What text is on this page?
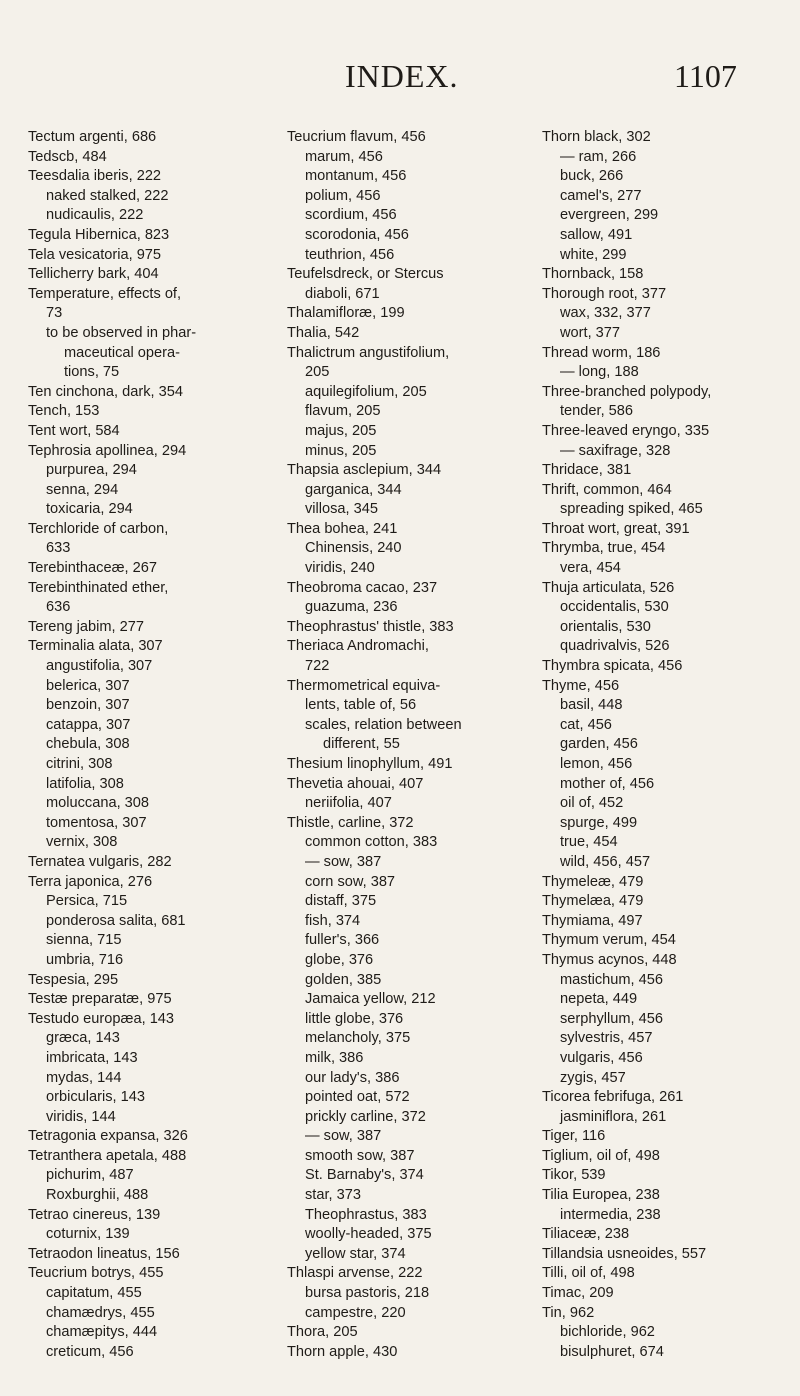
INDEX.	1107
Tectum argenti, 686
Tedscb, 484
Teesdalia iberis, 222
naked stalked, 222
nudicaulis, 222
Tegula Hibernica, 823
Tela vesicatoria, 975
Tellicherry bark, 404
Temperature, effects of,
73
to be observed in phar-
maceutical opera-
tions, 75
Ten cinchona, dark, 354
Tench, 153
Tent wort, 584
Tephrosia apollinea, 294
purpurea, 294
senna, 294
toxicaria, 294
Terchloride of carbon,
633
Terebinthaceæ, 267
Terebinthinated ether,
636
Tereng jabim, 277
Terminalia alata, 307
angustifolia, 307
belerica, 307
benzoin, 307
catappa, 307
chebula, 308
citrini, 308
latifolia, 308
moluccana, 308
tomentosa, 307
vernix, 308
Ternatea vulgaris, 282
Terra japonica, 276
Persica, 715
ponderosa salita, 681
sienna, 715
umbria, 716
Tespesia, 295
Testæ preparatæ, 975
Testudo europæa, 143
græca, 143
imbricata, 143
mydas, 144
orbicularis, 143
viridis, 144
Tetragonia expansa, 326
Tetranthera apetala, 488
pichurim, 487
Roxburghii, 488
Tetrao cinereus, 139
coturnix, 139
Tetraodon lineatus, 156
Teucrium botrys, 455
capitatum, 455
chamædrys, 455
chamæpitys, 444
creticum, 456
Teucrium flavum, 456
marum, 456
montanum, 456
polium, 456
scordium, 456
scorodonia, 456
teuthrion, 456
Teufelsdreck, or Stercus
diaboli, 671
Thalamifloræ, 199
Thalia, 542
Thalictrum angustifolium,
205
aquilegifolium, 205
flavum, 205
majus, 205
minus, 205
Thapsia asclepium, 344
garganica, 344
villosa, 345
Thea bohea, 241
Chinensis, 240
viridis, 240
Theobroma cacao, 237
guazuma, 236
Theophrastus' thistle, 383
Theriaca Andromachi,
722
Thermometrical equiva-
lents, table of, 56
scales, relation between
different, 55
Thesium linophyllum, 491
Thevetia ahouai, 407
neriifolia, 407
Thistle, carline, 372
common cotton, 383
— sow, 387
corn sow, 387
distaff, 375
fish, 374
fuller's, 366
globe, 376
golden, 385
Jamaica yellow, 212
little globe, 376
melancholy, 375
milk, 386
our lady's, 386
pointed oat, 572
prickly carline, 372
— sow, 387
smooth sow, 387
St. Barnaby's, 374
star, 373
Theophrastus, 383
woolly-headed, 375
yellow star, 374
Thlaspi arvense, 222
bursa pastoris, 218
campestre, 220
Thora, 205
Thorn apple, 430
Thorn black, 302
— ram, 266
buck, 266
camel's, 277
evergreen, 299
sallow, 491
white, 299
Thornback, 158
Thorough root, 377
wax, 332, 377
wort, 377
Thread worm, 186
— long, 188
Three-branched polypody,
tender, 586
Three-leaved eryngo, 335
— saxifrage, 328
Thridace, 381
Thrift, common, 464
spreading spiked, 465
Throat wort, great, 391
Thrymba, true, 454
vera, 454
Thuja articulata, 526
occidentalis, 530
orientalis, 530
quadrivalvis, 526
Thymbra spicata, 456
Thyme, 456
basil, 448
cat, 456
garden, 456
lemon, 456
mother of, 456
oil of, 452
spurge, 499
true, 454
wild, 456, 457
Thymeleæ, 479
Thymelæa, 479
Thymiama, 497
Thymum verum, 454
Thymus acynos, 448
mastichum, 456
nepeta, 449
serphyllum, 456
sylvestris, 457
vulgaris, 456
zygis, 457
Ticorea febrifuga, 261
jasminiflora, 261
Tiger, 116
Tiglium, oil of, 498
Tikor, 539
Tilia Europea, 238
intermedia, 238
Tiliaceæ, 238
Tillandsia usneoides, 557
Tilli, oil of, 498
Timac, 209
Tin, 962
bichloride, 962
bisulphuret, 674
